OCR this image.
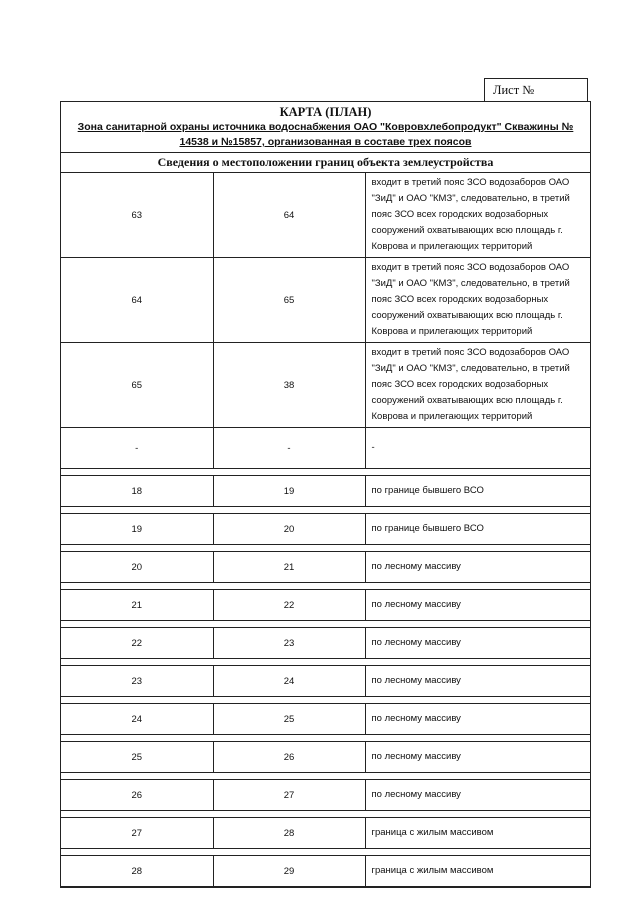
Лист №
КАРТА (ПЛАН)
Зона санитарной охраны источника водоснабжения ОАО "Ковровхлебопродукт" Скважины № 14538 и №15857, организованная в составе трех поясов
Сведения о местоположении границ объекта землеустройства
63	64	входит в третий пояс ЗСО водозаборов ОАО "ЗиД" и ОАО "КМЗ", следовательно, в третий пояс ЗСО всех городских водозаборных сооружений охватывающих всю площадь г. Коврова и прилегающих территорий
64	65	входит в третий пояс ЗСО водозаборов ОАО "ЗиД" и ОАО "КМЗ", следовательно, в третий пояс ЗСО всех городских водозаборных сооружений охватывающих всю площадь г. Коврова и прилегающих территорий
65	38	входит в третий пояс ЗСО водозаборов ОАО "ЗиД" и ОАО "КМЗ", следовательно, в третий пояс ЗСО всех городских водозаборных сооружений охватывающих всю площадь г. Коврова и прилегающих территорий
-	-	-

18	19	по границе бывшего ВСО

19	20	по границе бывшего ВСО

20	21	по лесному массиву

21	22	по лесному массиву

22	23	по лесному массиву

23	24	по лесному массиву

24	25	по лесному массиву

25	26	по лесному массиву

26	27	по лесному массиву

27	28	граница с жилым массивом

28	29	граница с жилым массивом
